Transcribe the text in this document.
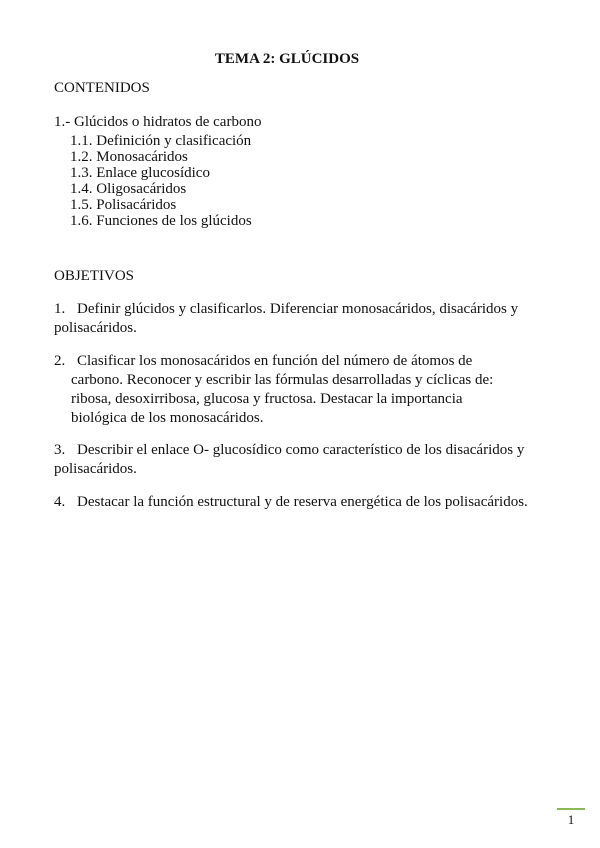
TEMA 2: GLÚCIDOS
CONTENIDOS
1.- Glúcidos o hidratos de carbono
1.1. Definición y clasificación
1.2. Monosacáridos
1.3. Enlace glucosídico
1.4. Oligosacáridos
1.5. Polisacáridos
1.6. Funciones de los glúcidos
OBJETIVOS
1. Definir glúcidos y clasificarlos. Diferenciar monosacáridos, disacáridos y
polisacáridos.
2. Clasificar los monosacáridos en función del número de átomos de
carbono. Reconocer y escribir las fórmulas desarrolladas y cíclicas de:
ribosa, desoxirribosa, glucosa y fructosa. Destacar la importancia
biológica de los monosacáridos.
3. Describir el enlace O- glucosídico como característico de los disacáridos y
polisacáridos.
4. Destacar la función estructural y de reserva energética de los polisacáridos.
1
